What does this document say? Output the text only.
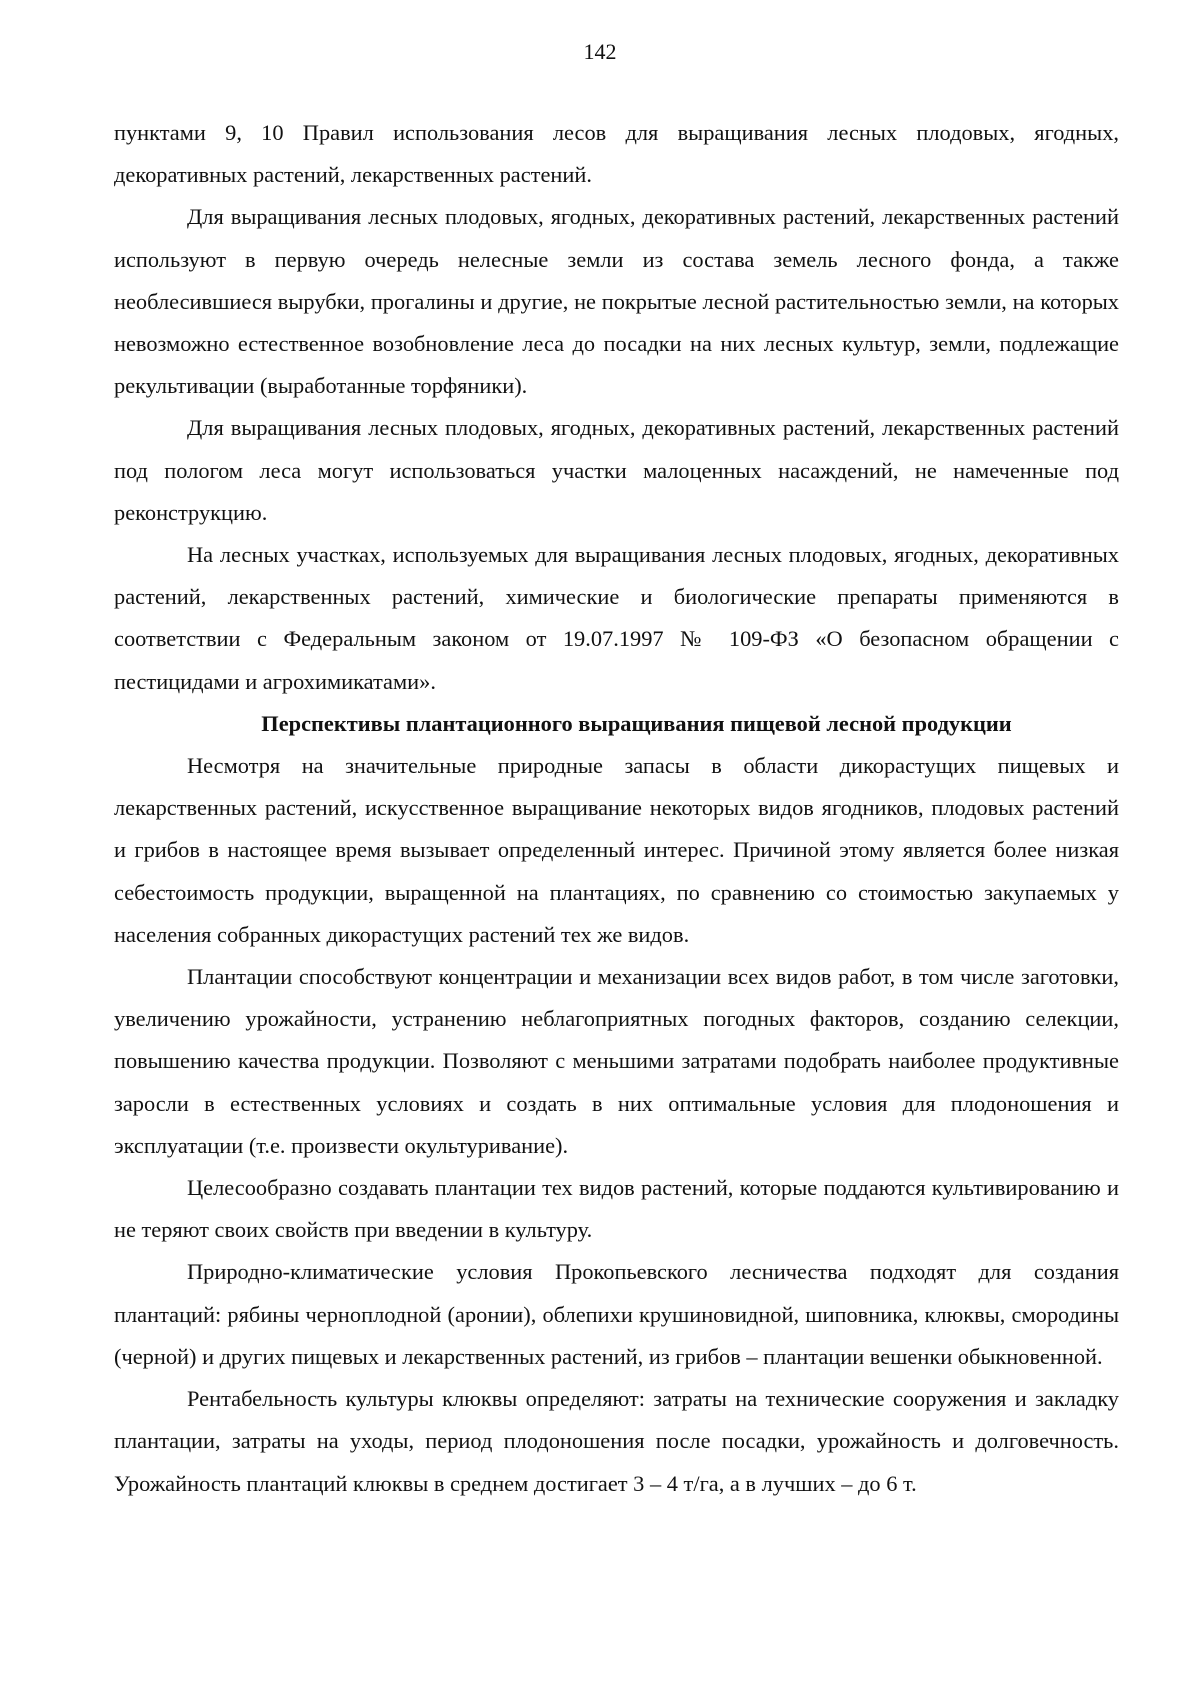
142

пунктами 9, 10 Правил использования лесов для выращивания лесных плодовых, ягодных, декоративных растений, лекарственных растений.

Для выращивания лесных плодовых, ягодных, декоративных растений, лекарственных растений используют в первую очередь нелесные земли из состава земель лесного фонда, а также необлесившиеся вырубки, прогалины и другие, не покрытые лесной растительностью земли, на которых невозможно естественное возобновление леса до посадки на них лесных культур, земли, подлежащие рекультивации (выработанные торфяники).

Для выращивания лесных плодовых, ягодных, декоративных растений, лекарственных растений под пологом леса могут использоваться участки малоценных насаждений, не намеченные под реконструкцию.

На лесных участках, используемых для выращивания лесных плодовых, ягодных, декоративных растений, лекарственных растений, химические и биологические препараты применяются в соответствии с Федеральным законом от 19.07.1997 № 109-ФЗ «О безопасном обращении с пестицидами и агрохимикатами».

Перспективы плантационного выращивания пищевой лесной продукции

Несмотря на значительные природные запасы в области дикорастущих пищевых и лекарственных растений, искусственное выращивание некоторых видов ягодников, плодовых растений и грибов в настоящее время вызывает определенный интерес. Причиной этому является более низкая себестоимость продукции, выращенной на плантациях, по сравнению со стоимостью закупаемых у населения собранных дикорастущих растений тех же видов.

Плантации способствуют концентрации и механизации всех видов работ, в том числе заготовки, увеличению урожайности, устранению неблагоприятных погодных факторов, созданию селекции, повышению качества продукции. Позволяют с меньшими затратами подобрать наиболее продуктивные заросли в естественных условиях и создать в них оптимальные условия для плодоношения и эксплуатации (т.е. произвести окультуривание).

Целесообразно создавать плантации тех видов растений, которые поддаются культивированию и не теряют своих свойств при введении в культуру.

Природно-климатические условия Прокопьевского лесничества подходят для создания плантаций: рябины черноплодной (аронии), облепихи крушиновидной, шиповника, клюквы, смородины (черной) и других пищевых и лекарственных растений, из грибов – плантации вешенки обыкновенной.

Рентабельность культуры клюквы определяют: затраты на технические сооружения и закладку плантации, затраты на уходы, период плодоношения после посадки, урожайность и долговечность. Урожайность плантаций клюквы в среднем достигает 3 – 4 т/га, а в лучших – до 6 т.
